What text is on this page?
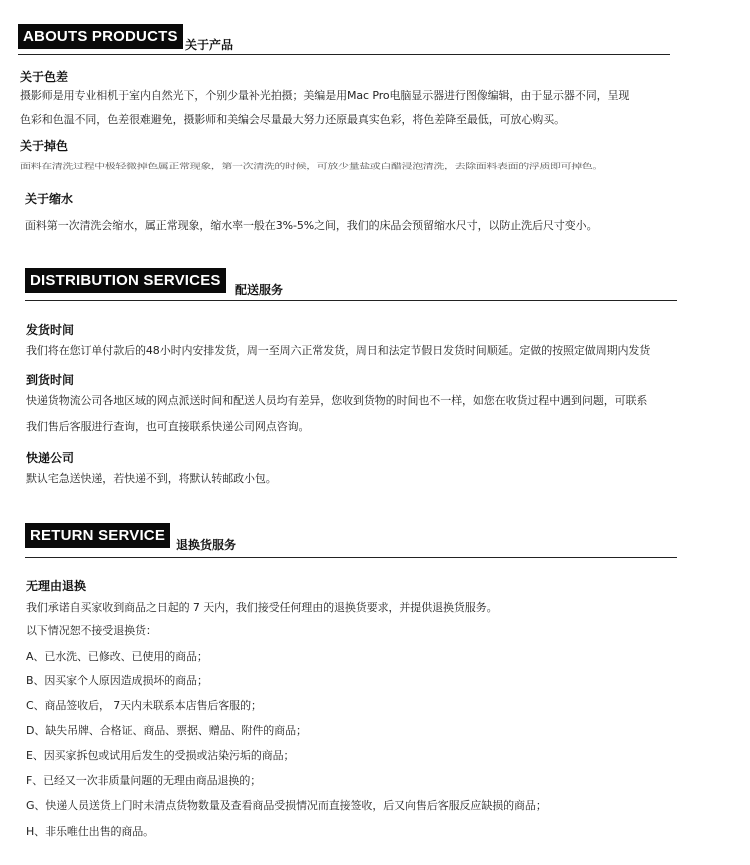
ABOUTS PRODUCTS 关于产品
关于色差
摄影师是用专业相机于室内自然光下，个别少量补光拍摄；美编是用Mac Pro电脑显示器进行图像编辑，由于显示器不同，呈现
色彩和色温不同，色差很难避免，摄影师和美编会尽量最大努力还原最真实色彩，将色差降至最低，可放心购买。
关于掉色
面料在清洗过程中极轻微掉色属正常现象，第一次清洗的时候，可放少量盐或白醋浸泡清洗，去除面料表面的浮质即可掉色。
关于缩水
面料第一次清洗会缩水，属正常现象，缩水率一般在3%-5%之间，我们的床品会预留缩水尺寸，以防止洗后尺寸变小。
DISTRIBUTION SERVICES
配送服务
发货时间
我们将在您订单付款后的48小时内安排发货，周一至周六正常发货，周日和法定节假日发货时间顺延。定做的按照定做周期内发货
到货时间
快递货物流公司各地区域的网点派送时间和配送人员均有差异，您收到货物的时间也不一样，如您在收货过程中遇到问题，可联系
我们售后客服进行查询，也可直接联系快递公司网点咨询。
快递公司
默认宅急送快递，若快递不到，将默认转邮政小包。
RETURN SERVICE
退换货服务
无理由退换
我们承诺自买家收到商品之日起的 7 天内，我们接受任何理由的退换货要求，并提供退换货服务。
以下情况恕不接受退换货：
A、已水洗、已修改、已使用的商品；
B、因买家个人原因造成损坏的商品；
C、商品签收后， 7天内未联系本店售后客服的；
D、缺失吊牌、合格证、商品、票据、赠品、附件的商品；
E、因买家拆包或试用后发生的受损或沾染污垢的商品；
F、已经又一次非质量问题的无理由商品退换的；
G、快递人员送货上门时未清点货物数量及查看商品受损情况而直接签收，后又向售后客服反应缺损的商品；
H、非乐唯仕出售的商品。
